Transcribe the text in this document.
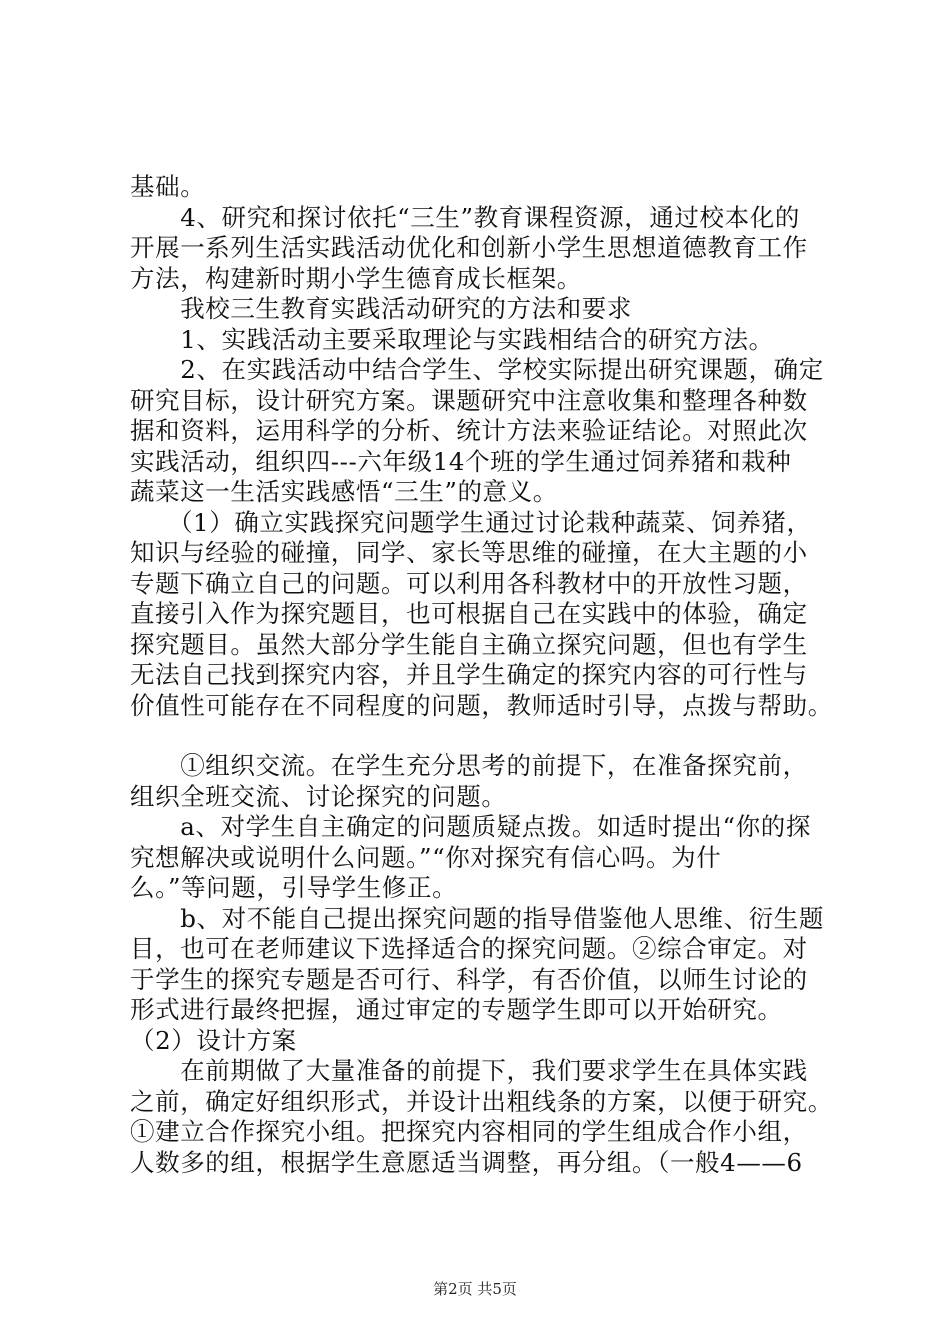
基础。
　　4、研究和探讨依托“三生”教育课程资源，通过校本化的
开展一系列生活实践活动优化和创新小学生思想道德教育工作
方法，构建新时期小学生德育成长框架。
　　我校三生教育实践活动研究的方法和要求
　　1、实践活动主要采取理论与实践相结合的研究方法。
　　2、在实践活动中结合学生、学校实际提出研究课题，确定
研究目标，设计研究方案。课题研究中注意收集和整理各种数
据和资料，运用科学的分析、统计方法来验证结论。对照此次
实践活动，组织四---六年级14个班的学生通过饲养猪和栽种
蔬菜这一生活实践感悟“三生”的意义。
　　（1）确立实践探究问题学生通过讨论栽种蔬菜、饲养猪，
知识与经验的碰撞，同学、家长等思维的碰撞，在大主题的小
专题下确立自己的问题。可以利用各科教材中的开放性习题，
直接引入作为探究题目，也可根据自己在实践中的体验，确定
探究题目。虽然大部分学生能自主确立探究问题，但也有学生
无法自己找到探究内容，并且学生确定的探究内容的可行性与
价值性可能存在不同程度的问题，教师适时引导，点拨与帮助。
　　①组织交流。在学生充分思考的前提下，在准备探究前，
组织全班交流、讨论探究的问题。
　　a、对学生自主确定的问题质疑点拨。如适时提出“你的探
究想解决或说明什么问题。”“你对探究有信心吗。为什
么。”等问题，引导学生修正。
　　b、对不能自己提出探究问题的指导借鉴他人思维、衍生题
目，也可在老师建议下选择适合的探究问题。②综合审定。对
于学生的探究专题是否可行、科学，有否价值，以师生讨论的
形式进行最终把握，通过审定的专题学生即可以开始研究。
（2）设计方案
　　在前期做了大量准备的前提下，我们要求学生在具体实践
之前，确定好组织形式，并设计出粗线条的方案，以便于研究。
①建立合作探究小组。把探究内容相同的学生组成合作小组，
人数多的组，根据学生意愿适当调整，再分组。（一般4——6
第2页 共5页
